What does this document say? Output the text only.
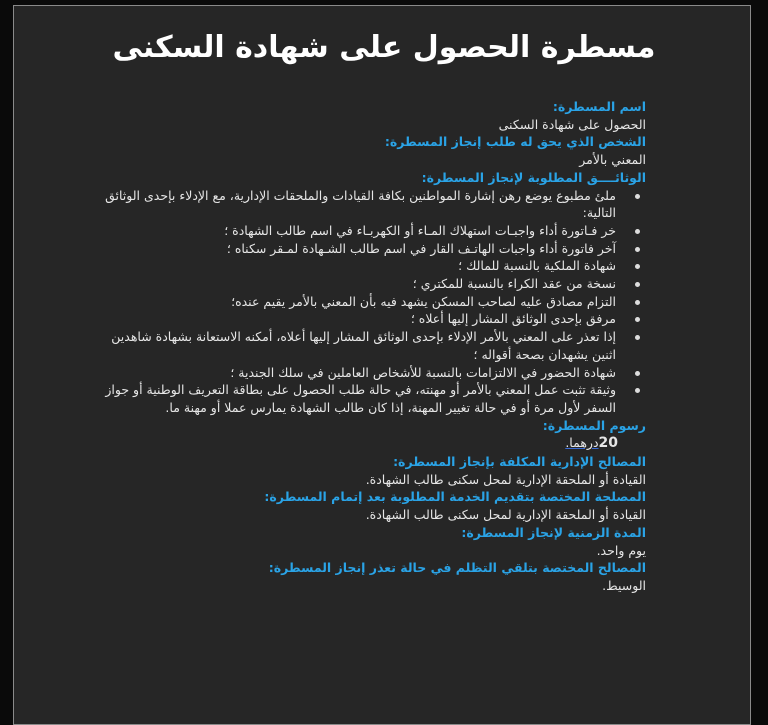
مسطرة الحصول على شهادة السكنى
اسم المسطرة:
الحصول على شهادة السكنى
الشخص الذي يحق له طلب إنجاز المسطرة:
المعني بالأمر
الوثائــــق المطلوبة لإنجاز المسطرة:
ملئ مطبوع يوضع رهن إشارة المواطنين بكافة القيادات والملحقات الإدارية، مع الإدلاء بإحدى الوثائق التالية:
خر فـاتورة أداء واجبـات استهلاك المـاء أو الكهربـاء في اسم طالب الشهادة ؛
آخر فاتورة أداء واجبات الهاتـف القار في اسم طالب الشـهادة لمـقر سكناه ؛
شهادة الملكية بالنسبة للمالك ؛
نسخة من عقد الكراء بالنسبة للمكتري ؛
التزام مصادق عليه لصاحب المسكن يشهد فيه بأن المعني بالأمر يقيم عنده؛
مرفق بإحدى الوثائق المشار إليها أعلاه ؛
إذا تعذر على المعني بالأمر الإدلاء بإحدى الوثائق المشار إليها أعلاه، أمكنه الاستعانة بشهادة شاهدين اثنين يشهدان بصحة أقواله ؛
شهادة الحضور في الالتزامات بالنسبة للأشخاص العاملين في سلك الجندية ؛
وثيقة تثبت عمل المعني بالأمر أو مهنته، في حالة طلب الحصول على بطاقة التعريف الوطنية أو جواز السفر لأول مرة أو في حالة تغيير المهنة، إذا كان طالب الشهادة يمارس عملا أو مهنة ما.
رسوم المسطرة:
20درهما.
المصالح الإدارية المكلفة بإنجاز المسطرة:
القيادة أو الملحقة الإدارية لمحل سكنى طالب الشهادة.
المصلحة المختصة بتقديم الخدمة المطلوبة بعد إتمام المسطرة:
القيادة أو الملحقة الإدارية لمحل سكنى طالب الشهادة.
المدة الزمنية لإنجاز المسطرة:
يوم واحد.
المصالح المختصة بتلقي التظلم في حالة تعذر إنجاز المسطرة:
الوسيط.
